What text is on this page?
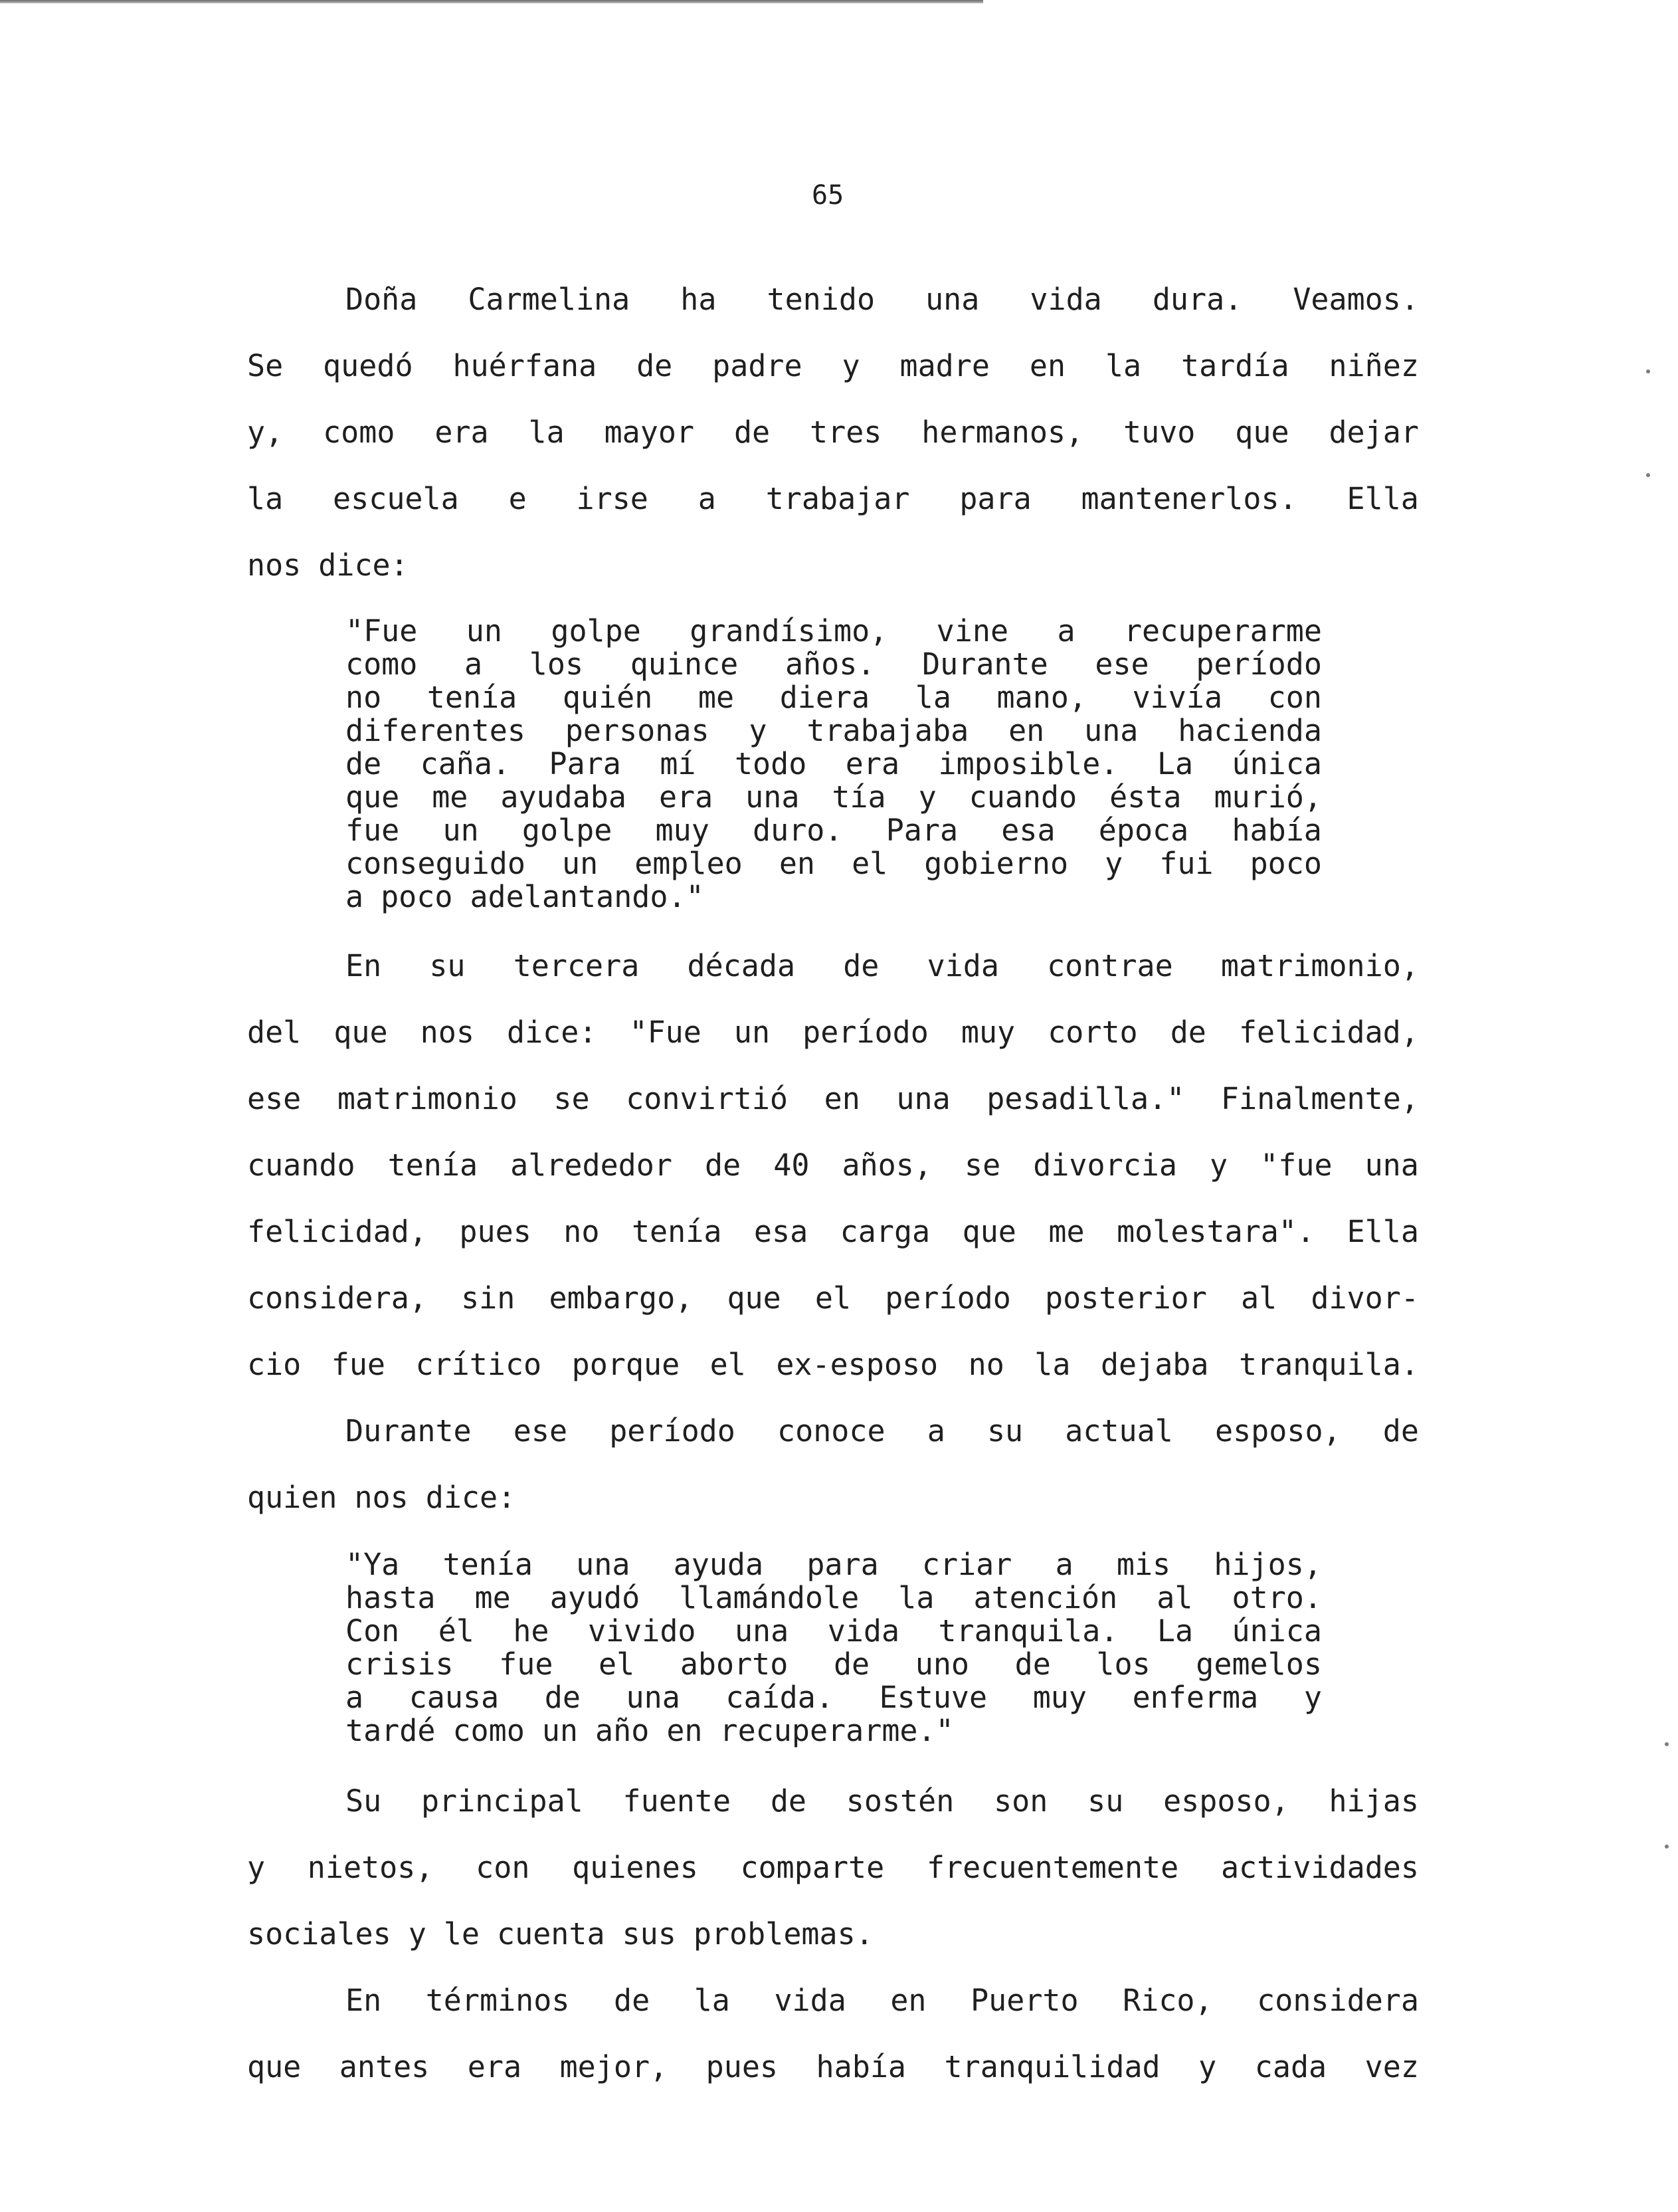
65
Doña Carmelina ha tenido una vida dura. Veamos.
Se quedó huérfana de padre y madre en la tardía niñez
y, como era la mayor de tres hermanos, tuvo que dejar
la escuela e irse a trabajar para mantenerlos. Ella
nos dice:
"Fue un golpe grandísimo, vine a recuperarme
como a los quince años. Durante ese período
no tenía quién me diera la mano, vivía con
diferentes personas y trabajaba en una hacienda
de caña. Para mí todo era imposible. La única
que me ayudaba era una tía y cuando ésta murió,
fue un golpe muy duro. Para esa época había
conseguido un empleo en el gobierno y fui poco
a poco adelantando."
En su tercera década de vida contrae matrimonio,
del que nos dice: "Fue un período muy corto de felicidad,
ese matrimonio se convirtió en una pesadilla." Finalmente,
cuando tenía alrededor de 40 años, se divorcia y "fue una
felicidad, pues no tenía esa carga que me molestara". Ella
considera, sin embargo, que el período posterior al divor-
cio fue crítico porque el ex-esposo no la dejaba tranquila.
Durante ese período conoce a su actual esposo, de
quien nos dice:
"Ya tenía una ayuda para criar a mis hijos,
hasta me ayudó llamándole la atención al otro.
Con él he vivido una vida tranquila. La única
crisis fue el aborto de uno de los gemelos
a causa de una caída. Estuve muy enferma y
tardé como un año en recuperarme."
Su principal fuente de sostén son su esposo, hijas
y nietos, con quienes comparte frecuentemente actividades
sociales y le cuenta sus problemas.
En términos de la vida en Puerto Rico, considera
que antes era mejor, pues había tranquilidad y cada vez
